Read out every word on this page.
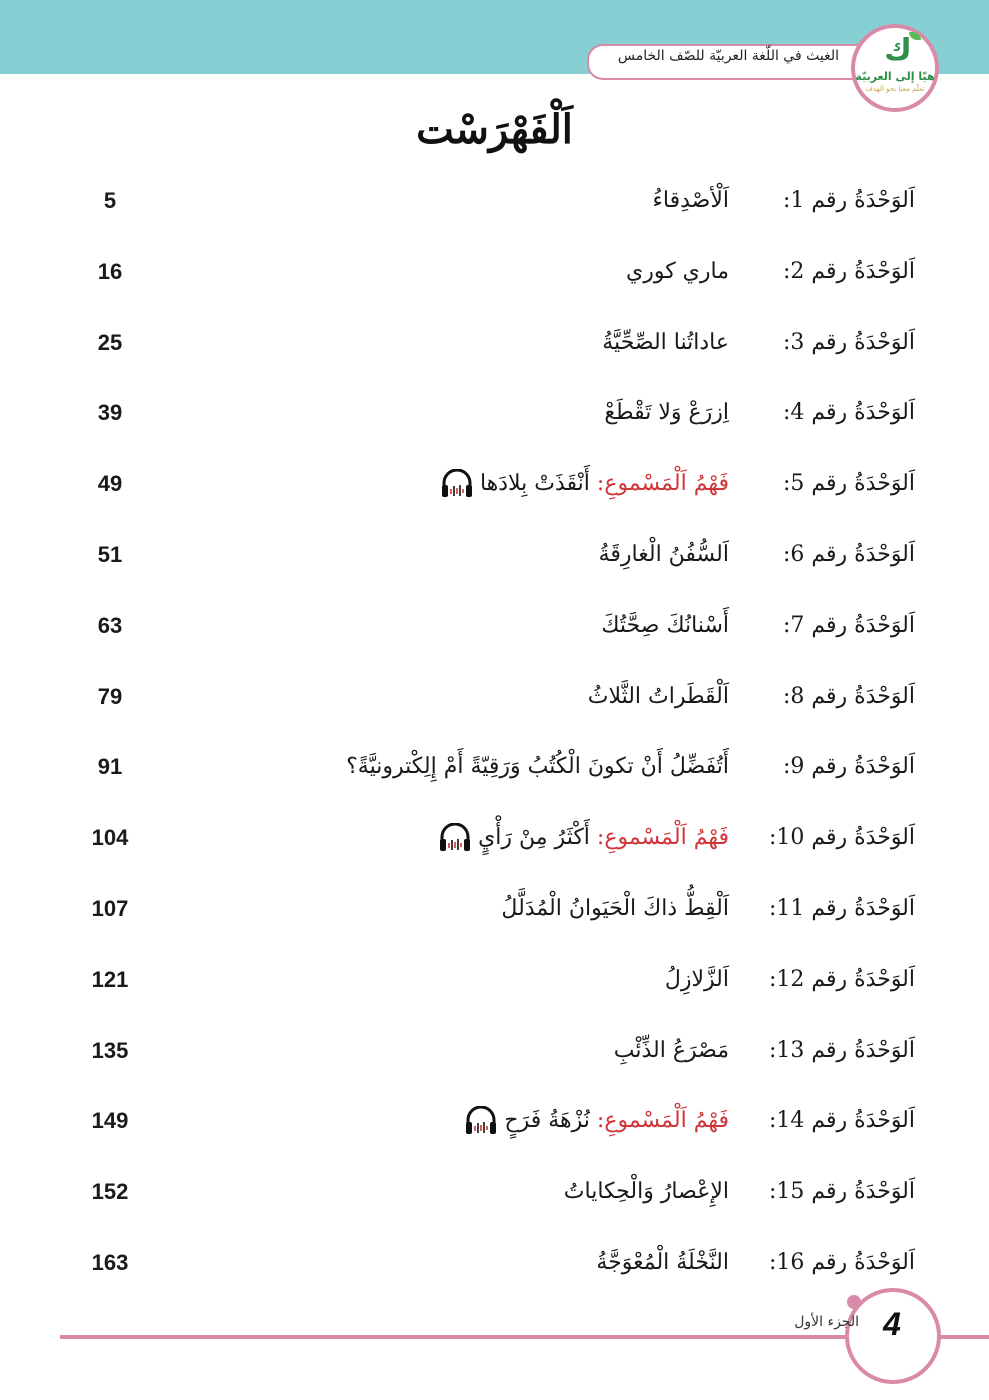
الغيث في اللّغة العربيّة للصّف الخامس ك
هيّا إلى العربيّة
تعلّم معنا نحو الهدف
اَلْفَهْرَسْت
اَلوَحْدَةُ رقم 1:
اَلْأصْدِقاءُ
5
اَلوَحْدَةُ رقم 2:
ماري كوري
16
اَلوَحْدَةُ رقم 3:
عاداتُنا الصِّحِّيَّةُ
25
اَلوَحْدَةُ رقم 4:
اِزرَعْ وَلا تَقْطَعْ
39
اَلوَحْدَةُ رقم 5:
فَهْمُ اَلْمَسْموعِ: أَنْقَذَتْ بِلادَها
49
اَلوَحْدَةُ رقم 6:
اَلسُّفُنُ الْغارِقَةُ
51
اَلوَحْدَةُ رقم 7:
أَسْنانُكَ صِحَّتُكَ
63
اَلوَحْدَةُ رقم 8:
اَلْقَطَراتُ الثَّلاثُ
79
اَلوَحْدَةُ رقم 9:
أَتُفَضِّلُ أَنْ تكونَ الْكُتُبُ وَرَقِيّةً أَمْ إِلِكْترونيَّةً؟
91
اَلوَحْدَةُ رقم 10:
فَهْمُ اَلْمَسْموعِ: أَكْثَرُ مِنْ رَأْيٍ
104
اَلوَحْدَةُ رقم 11:
اَلْقِطُّ ذاكَ الْحَيَوانُ الْمُدَلَّلُ
107
اَلوَحْدَةُ رقم 12:
اَلزَّلازِلُ
121
اَلوَحْدَةُ رقم 13:
مَصْرَعُ الذِّئْبِ
135
اَلوَحْدَةُ رقم 14:
فَهْمُ اَلْمَسْموعِ: نُزْهَةُ فَرَحٍ
149
اَلوَحْدَةُ رقم 15:
الإِعْصارُ وَالْحِكاياتُ
152
اَلوَحْدَةُ رقم 16:
النَّخْلَةُ الْمُعْوَجَّةُ
163
4
الجزء الأول
